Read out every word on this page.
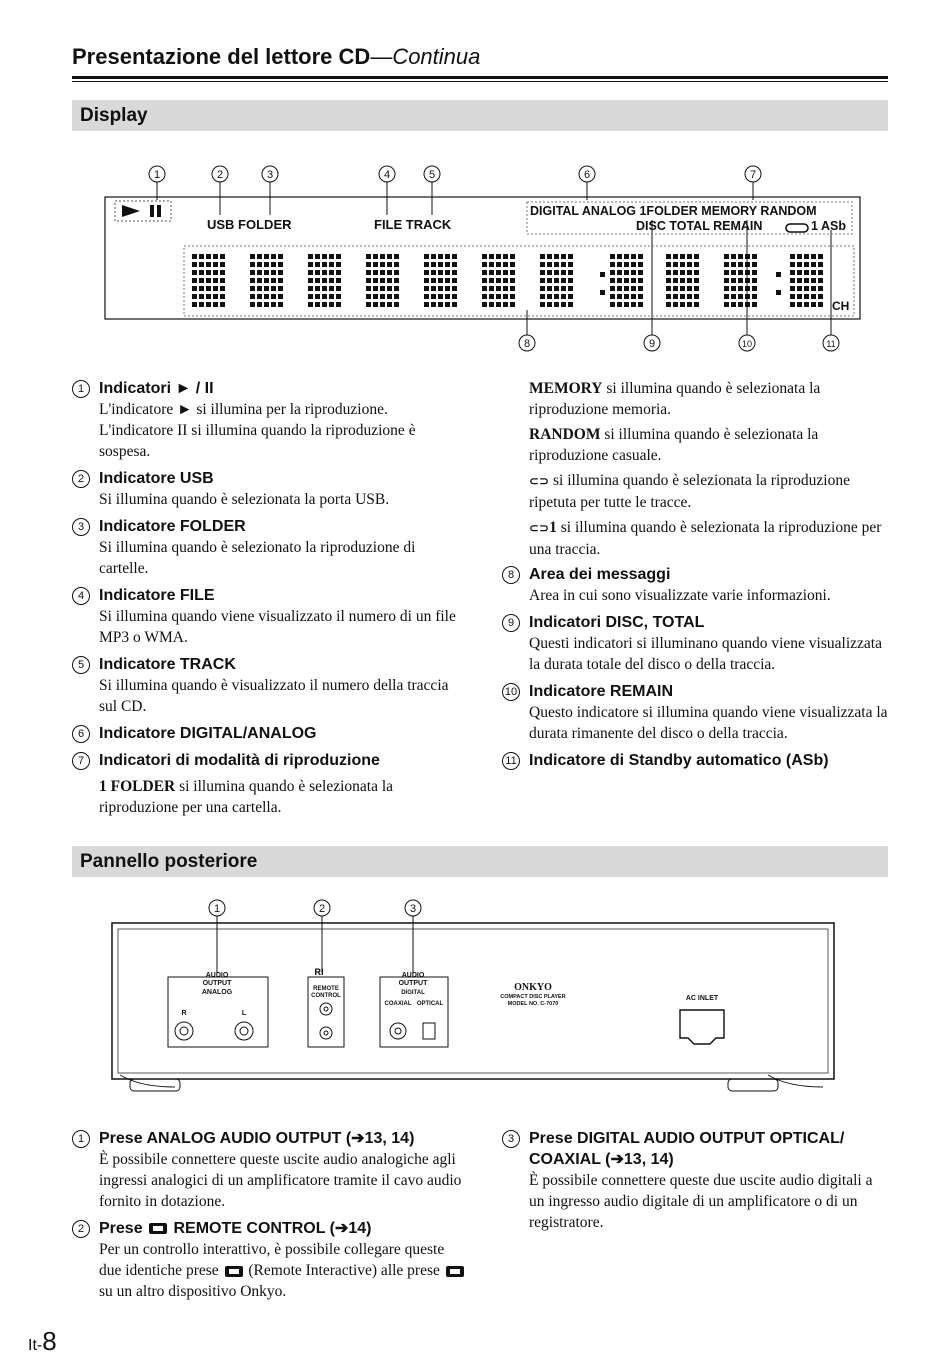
Presentazione del lettore CD—Continua
Display
1	2	3	4	5	6	7
8	9	10	11
USB FOLDER	FILE TRACK
DIGITAL ANALOG 1FOLDER MEMORY RANDOM
DISC TOTAL REMAIN	1 ASb
CH
1 Indicatori ► / II
L'indicatore ► si illumina per la riproduzione.
L'indicatore II si illumina quando la riproduzione è sospesa.
2 Indicatore USB
Si illumina quando è selezionata la porta USB.
3 Indicatore FOLDER
Si illumina quando è selezionato la riproduzione di cartelle.
4 Indicatore FILE
Si illumina quando viene visualizzato il numero di un file MP3 o WMA.
5 Indicatore TRACK
Si illumina quando è visualizzato il numero della traccia sul CD.
6 Indicatore DIGITAL/ANALOG
7 Indicatori di modalità di riproduzione
1 FOLDER si illumina quando è selezionata la riproduzione per una cartella.

MEMORY si illumina quando è selezionata la riproduzione memoria.

RANDOM si illumina quando è selezionata la riproduzione casuale.

⊂⊃ si illumina quando è selezionata la riproduzione ripetuta per tutte le tracce.

⊂⊃1 si illumina quando è selezionata la riproduzione per una traccia.

8 Area dei messaggi
Area in cui sono visualizzate varie informazioni.
9 Indicatori DISC, TOTAL
Questi indicatori si illuminano quando viene visualizzata la durata totale del disco o della traccia.
10 Indicatore REMAIN
Questo indicatore si illumina quando viene visualizzata la durata rimanente del disco o della traccia.
11 Indicatore di Standby automatico (ASb)
Pannello posteriore
1	2	3
AUDIO
OUTPUT
ANALOG
R	L
REMOTE
CONTROL
AUDIO
OUTPUT
DIGITAL
COAXIAL OPTICAL
ONKYO
COMPACT DISC PLAYER
MODEL NO. C-7070
AC INLET
RI
1 Prese ANALOG AUDIO OUTPUT (➔13, 14)
È possibile connettere queste uscite audio analogiche agli ingressi analogici di un amplificatore tramite il cavo audio fornito in dotazione.
2 Prese REMOTE CONTROL (➔14)
Per un controllo interattivo, è possibile collegare queste due identiche prese (Remote Interactive) alle prese  su un altro dispositivo Onkyo.
3 Prese DIGITAL AUDIO OUTPUT OPTICAL/ COAXIAL (➔13, 14)
È possibile connettere queste due uscite audio digitali a un ingresso audio digitale di un amplificatore o di un registratore.
It-8
